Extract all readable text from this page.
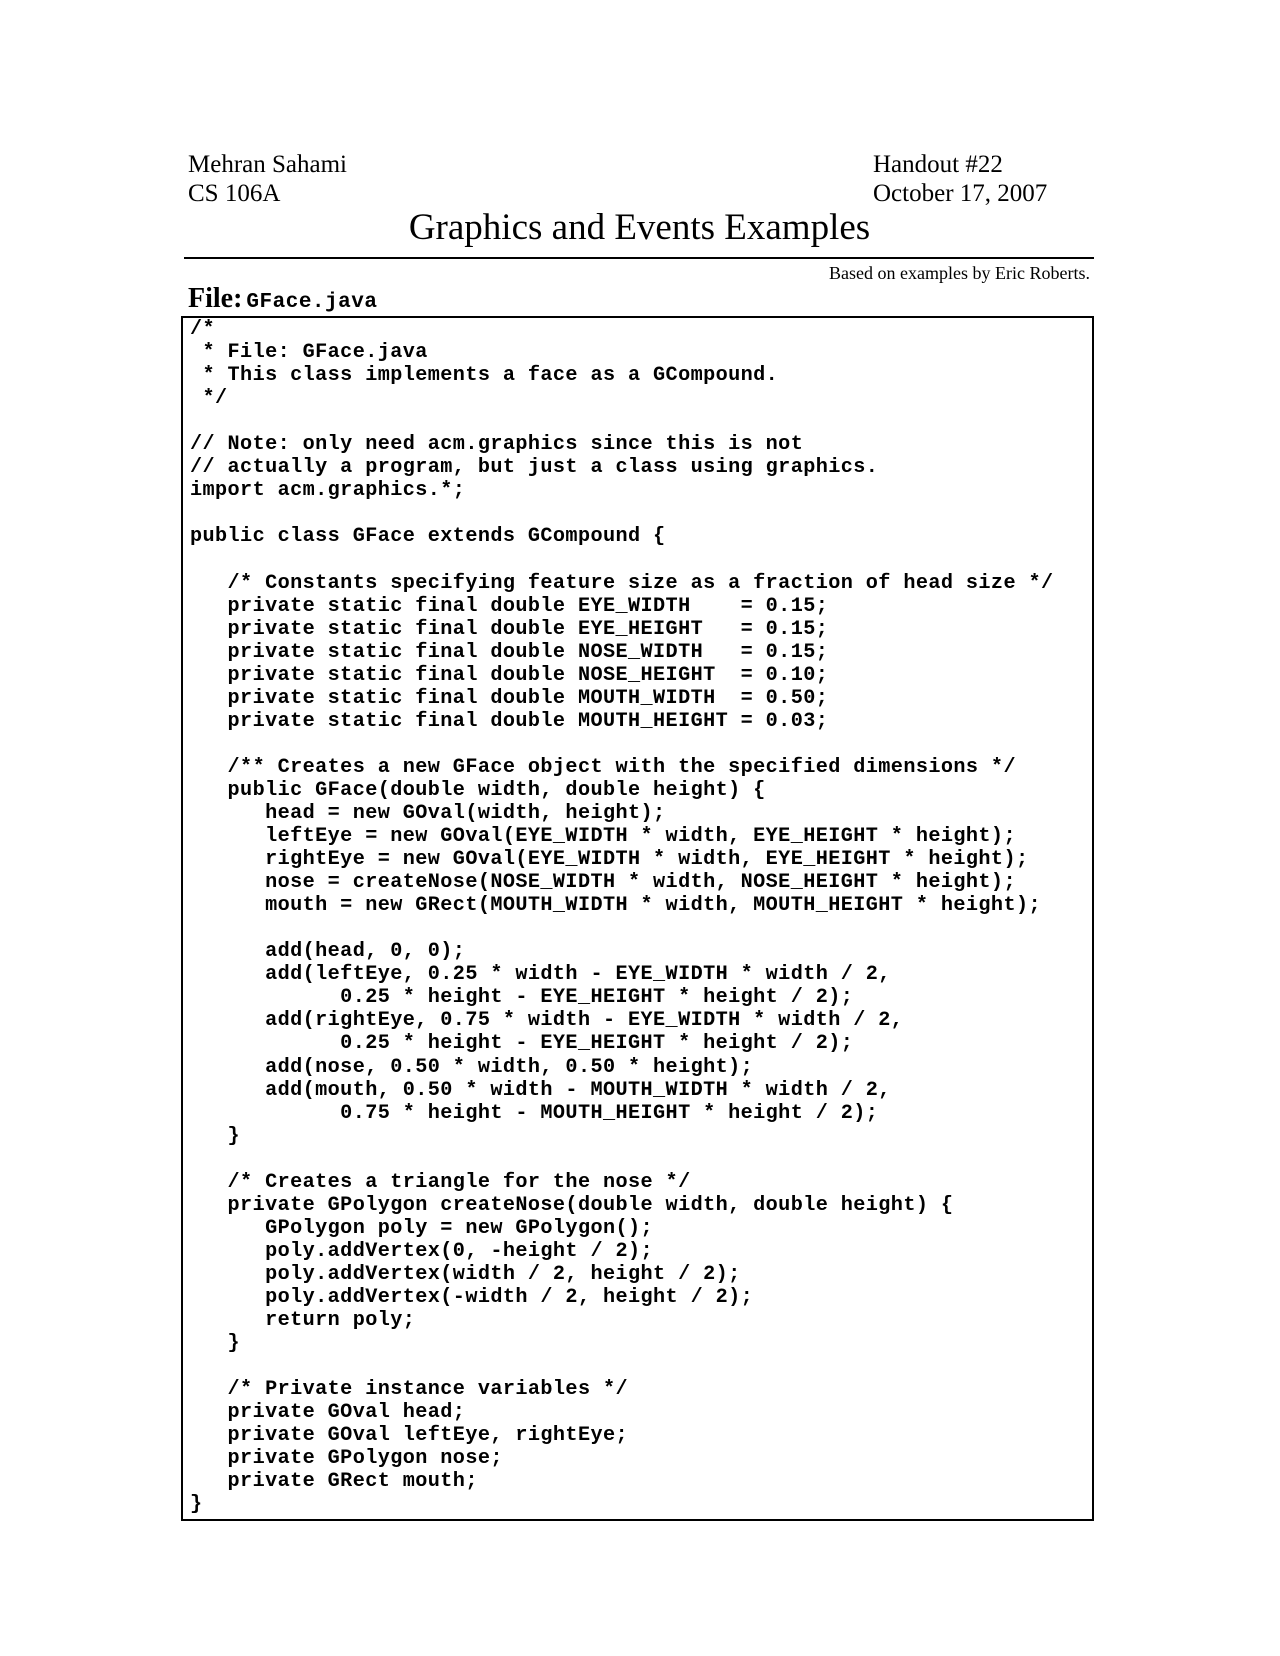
Mehran Sahami
CS 106A
Handout #22
October 17, 2007
Graphics and Events Examples
Based on examples by Eric Roberts.
File: GFace.java
/*
* File: GFace.java
* This class implements a face as a GCompound.
*/
// Note: only need acm.graphics since this is not
// actually a program, but just a class using graphics.
import acm.graphics.*;
public class GFace extends GCompound {
/* Constants specifying feature size as a fraction of head size */
private static final double EYE_WIDTH    = 0.15;
private static final double EYE_HEIGHT   = 0.15;
private static final double NOSE_WIDTH   = 0.15;
private static final double NOSE_HEIGHT  = 0.10;
private static final double MOUTH_WIDTH  = 0.50;
private static final double MOUTH_HEIGHT = 0.03;
/** Creates a new GFace object with the specified dimensions */
public GFace(double width, double height) {
head = new GOval(width, height);
leftEye = new GOval(EYE_WIDTH * width, EYE_HEIGHT * height);
rightEye = new GOval(EYE_WIDTH * width, EYE_HEIGHT * height);
nose = createNose(NOSE_WIDTH * width, NOSE_HEIGHT * height);
mouth = new GRect(MOUTH_WIDTH * width, MOUTH_HEIGHT * height);
add(head, 0, 0);
add(leftEye, 0.25 * width - EYE_WIDTH * width / 2,
0.25 * height - EYE_HEIGHT * height / 2);
add(rightEye, 0.75 * width - EYE_WIDTH * width / 2,
0.25 * height - EYE_HEIGHT * height / 2);
add(nose, 0.50 * width, 0.50 * height);
add(mouth, 0.50 * width - MOUTH_WIDTH * width / 2,
0.75 * height - MOUTH_HEIGHT * height / 2);
}
/* Creates a triangle for the nose */
private GPolygon createNose(double width, double height) {
GPolygon poly = new GPolygon();
poly.addVertex(0, -height / 2);
poly.addVertex(width / 2, height / 2);
poly.addVertex(-width / 2, height / 2);
return poly;
}
/* Private instance variables */
private GOval head;
private GOval leftEye, rightEye;
private GPolygon nose;
private GRect mouth;
}
